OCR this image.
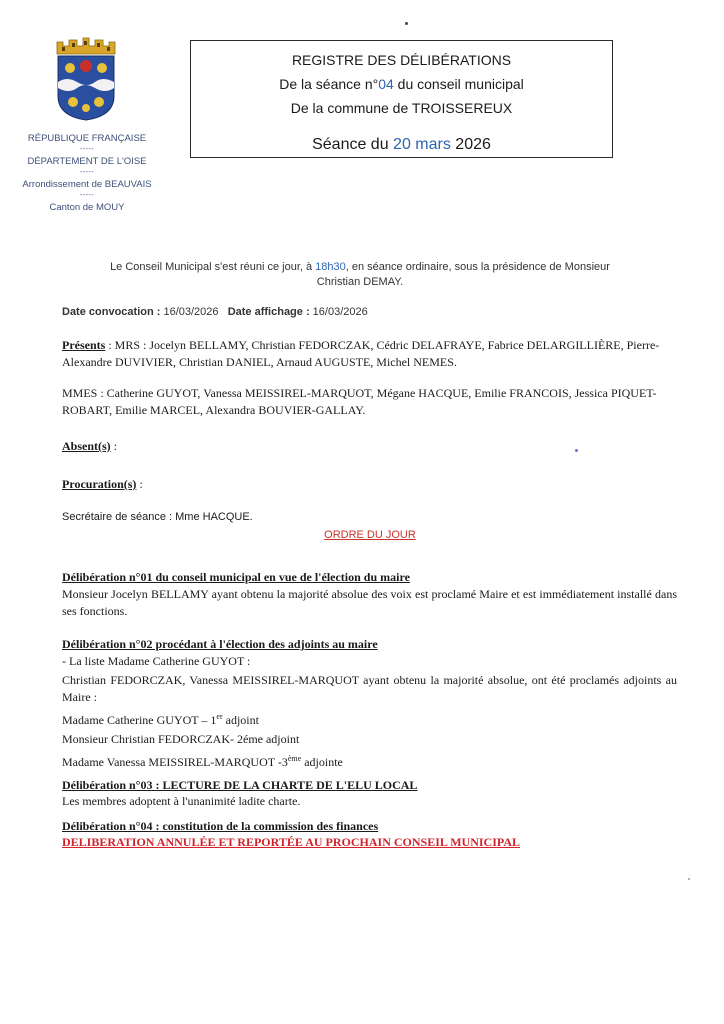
RÉPUBLIQUE FRANÇAISE

-----

DÉPARTEMENT DE L'OISE

-----

Arrondissement de BEAUVAIS

-----

Canton de MOUY

REGISTRE DES DÉLIBÉRATIONS
De la séance n°04 du conseil municipal
De la commune de TROISSEREUX
Séance du 20 mars 2026
Le Conseil Municipal s'est réuni ce jour, à 18h30, en séance ordinaire, sous la présidence de Monsieur
Christian DEMAY.
Date convocation : 16/03/2026 Date affichage : 16/03/2026
Présents : MRS : Jocelyn BELLAMY, Christian FEDORCZAK, Cédric DELAFRAYE, Fabrice DELARGILLIÈRE, Pierre-Alexandre DUVIVIER, Christian DANIEL, Arnaud AUGUSTE, Michel NEMES.
MMES : Catherine GUYOT, Vanessa MEISSIREL-MARQUOT, Mégane HACQUE, Emilie FRANCOIS, Jessica PIQUET-ROBART, Emilie MARCEL, Alexandra BOUVIER-GALLAY.
Absent(s) :
Procuration(s) :
Secrétaire de séance : Mme HACQUE.
ORDRE DU JOUR
Délibération n°01 du conseil municipal en vue de l'élection du maire
Monsieur Jocelyn BELLAMY ayant obtenu la majorité absolue des voix est proclamé Maire et est immédiatement installé dans ses fonctions.
Délibération n°02 procédant à l'élection des adjoints au maire
- La liste Madame Catherine GUYOT :
Christian FEDORCZAK, Vanessa MEISSIREL-MARQUOT ayant obtenu la majorité absolue, ont été proclamés adjoints au Maire :
Madame Catherine GUYOT – 1er adjoint
Monsieur Christian FEDORCZAK- 2éme adjoint
Madame Vanessa MEISSIREL-MARQUOT -3ème adjointe
Délibération n°03 : LECTURE DE LA CHARTE DE L'ELU LOCAL
Les membres adoptent à l'unanimité ladite charte.
Délibération n°04 : constitution de la commission des finances
DELIBERATION ANNULÉE ET REPORTÉE AU PROCHAIN CONSEIL MUNICIPAL
